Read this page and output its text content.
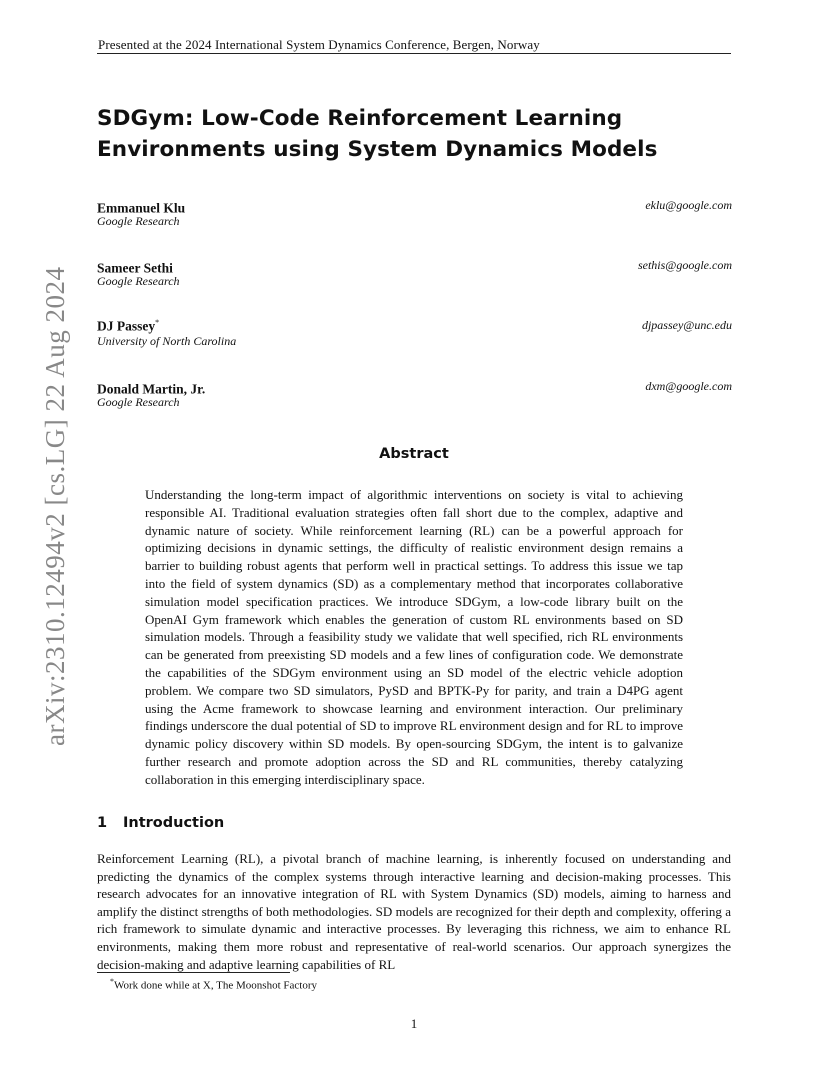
Presented at the 2024 International System Dynamics Conference, Bergen, Norway
arXiv:2310.12494v2 [cs.LG] 22 Aug 2024
SDGym: Low-Code Reinforcement Learning Environments using System Dynamics Models
Emmanuel Klu
Google Research
eklu@google.com
Sameer Sethi
Google Research
sethis@google.com
DJ Passey*
University of North Carolina
djpassey@unc.edu
Donald Martin, Jr.
Google Research
dxm@google.com
Abstract

Understanding the long-term impact of algorithmic interventions on society is vital to achieving responsible AI. Traditional evaluation strategies often fall short due to the complex, adaptive and dynamic nature of society. While reinforcement learning (RL) can be a powerful approach for optimizing decisions in dynamic settings, the difficulty of realistic environment design remains a barrier to building robust agents that perform well in practical settings. To address this issue we tap into the field of system dynamics (SD) as a complementary method that incorporates collaborative simulation model specification practices. We introduce SDGym, a low-code library built on the OpenAI Gym framework which enables the generation of custom RL environments based on SD simulation models. Through a feasibility study we validate that well specified, rich RL environments can be generated from preexisting SD models and a few lines of configuration code. We demonstrate the capabilities of the SDGym environment using an SD model of the electric vehicle adoption problem. We compare two SD simulators, PySD and BPTK-Py for parity, and train a D4PG agent using the Acme framework to showcase learning and environment interaction. Our preliminary findings underscore the dual potential of SD to improve RL environment design and for RL to improve dynamic policy discovery within SD models. By open-sourcing SDGym, the intent is to galvanize further research and promote adoption across the SD and RL communities, thereby catalyzing collaboration in this emerging interdisciplinary space.

1 Introduction

Reinforcement Learning (RL), a pivotal branch of machine learning, is inherently focused on understanding and predicting the dynamics of the complex systems through interactive learning and decision-making processes. This research advocates for an innovative integration of RL with System Dynamics (SD) models, aiming to harness and amplify the distinct strengths of both methodologies. SD models are recognized for their depth and complexity, offering a rich framework to simulate dynamic and interactive processes. By leveraging this richness, we aim to enhance RL environments, making them more robust and representative of real-world scenarios. Our approach synergizes the decision-making and adaptive learning capabilities of RL

*Work done while at X, The Moonshot Factory
1
